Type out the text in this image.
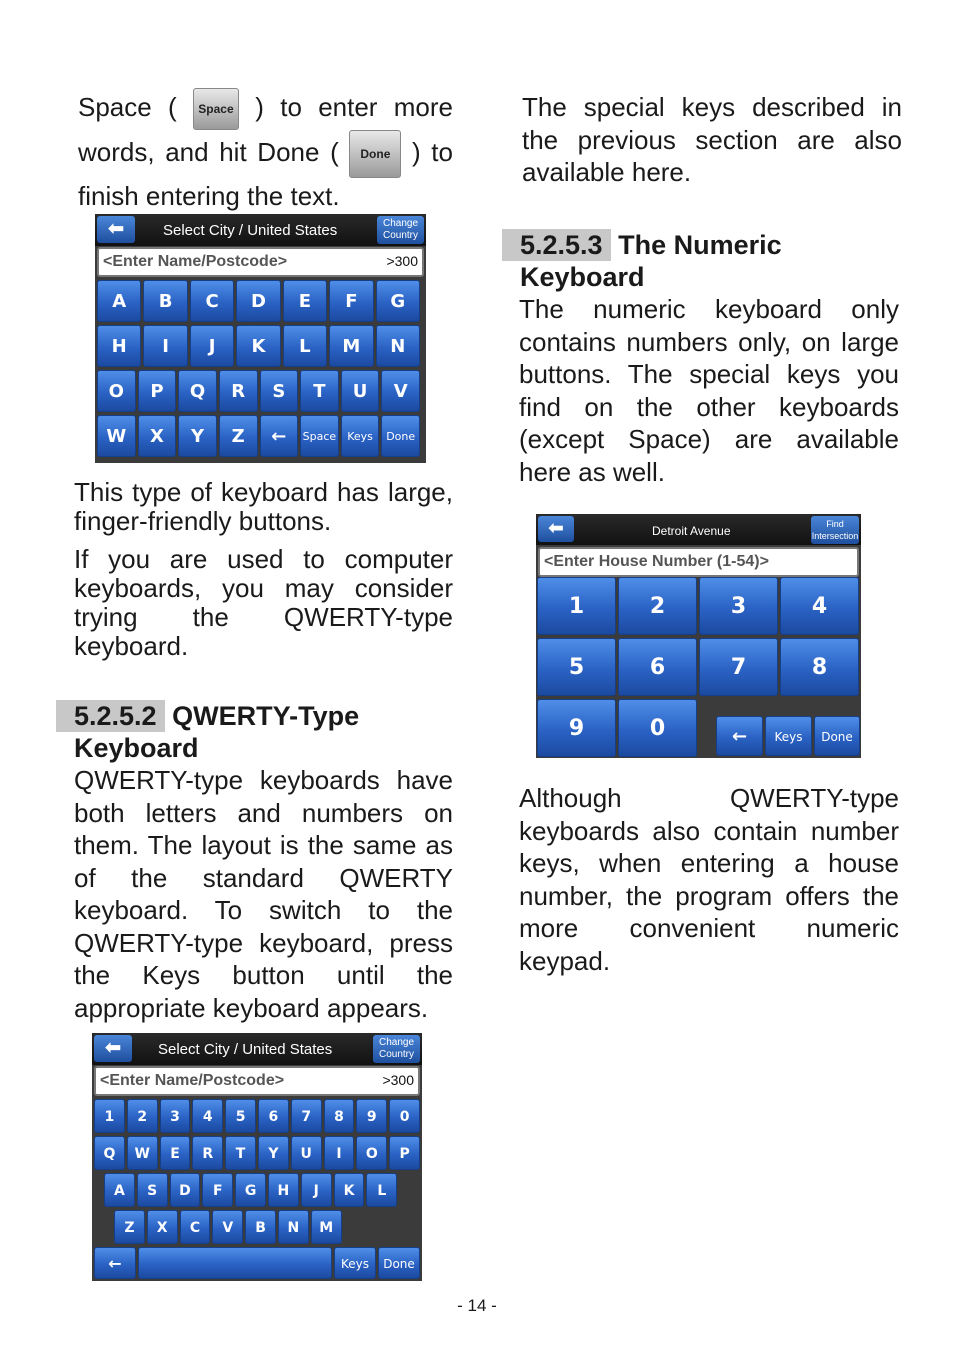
Space ( Space ) to enter more words, and hit Done ( Done ) to finish entering the text.

⬅	Select City / United States	Change
Country
<Enter Name/Postcode>	>300
A	B	C	D	E	F	G
H	I	J	K	L	M	N
O	P	Q	R	S	T	U	V
W	X	Y	Z	←	Space	Keys	Done

This type of keyboard has large, finger-friendly buttons.

If you are used to computer keyboards, you may consider trying the QWERTY-type keyboard.

5.2.5.2 QWERTY-Type
Keyboard

QWERTY-type keyboards have both letters and numbers on them. The layout is the same as of the standard QWERTY keyboard. To switch to the QWERTY-type keyboard, press the Keys button until the appropriate keyboard appears.

⬅	Select City / United States	Change
Country
<Enter Name/Postcode>	>300
1	2	3	4	5	6	7	8	9	0
Q	W	E	R	T	Y	U	I	O	P
A	S	D	F	G	H	J	K	L
Z	X	C	V	B	N	M
←	Keys	Done

The special keys described in the previous section are also available here.

5.2.5.3 The Numeric
Keyboard

The numeric keyboard only contains numbers only, on large buttons. The special keys you find on the other keyboards (except Space) are available here as well.

⬅	Detroit Avenue	Find
Intersection
<Enter House Number (1-54)>
1	2	3	4
5	6	7	8
9	0	←	Keys	Done

Although QWERTY-type keyboards also contain number keys, when entering a house number, the program offers the more convenient numeric keypad.

- 14 -
